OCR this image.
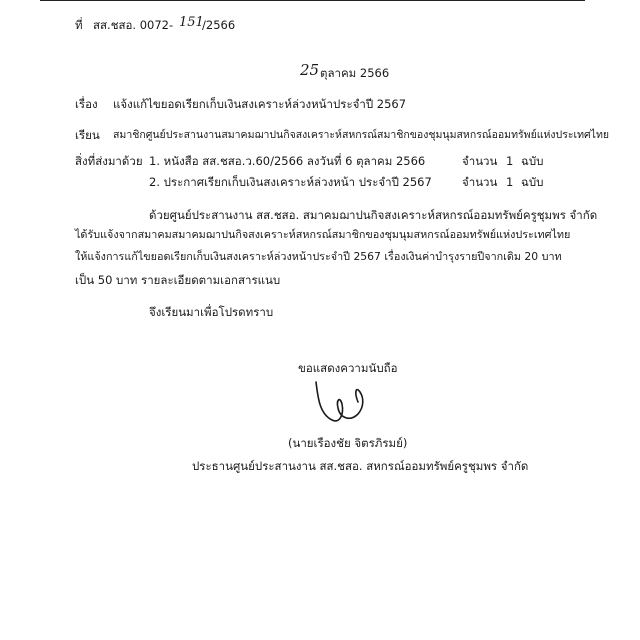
ที่ สส.ชสอ. 0072- 151
/2566
25 ตุลาคม 2566
เรื่อง แจ้งแก้ไขยอดเรียกเก็บเงินสงเคราะห์ล่วงหน้าประจำปี 2567
เรียน สมาชิกศูนย์ประสานงานสมาคมฌาปนกิจสงเคราะห์สหกรณ์สมาชิกของชุมนุมสหกรณ์ออมทรัพย์แห่งประเทศไทย
สิ่งที่ส่งมาด้วย 1. หนังสือ สส.ชสอ.ว.60/2566 ลงวันที่ 6 ตุลาคม 2566	จำนวน 1 ฉบับ
2. ประกาศเรียกเก็บเงินสงเคราะห์ล่วงหน้า ประจำปี 2567	จำนวน 1 ฉบับ
ด้วยศูนย์ประสานงาน สส.ชสอ. สมาคมฌาปนกิจสงเคราะห์สหกรณ์ออมทรัพย์ครูชุมพร จำกัด
ได้รับแจ้งจากสมาคมสมาคมฌาปนกิจสงเคราะห์สหกรณ์สมาชิกของชุมนุมสหกรณ์ออมทรัพย์แห่งประเทศไทย
ให้แจ้งการแก้ไขยอดเรียกเก็บเงินสงเคราะห์ล่วงหน้าประจำปี 2567 เรื่องเงินค่าบำรุงรายปีจากเดิม 20 บาท
เป็น 50 บาท รายละเอียดตามเอกสารแนบ
จึงเรียนมาเพื่อโปรดทราบ
ขอแสดงความนับถือ
(นายเรืองชัย จิตรภิรมย์)
ประธานศูนย์ประสานงาน สส.ชสอ. สหกรณ์ออมทรัพย์ครูชุมพร จำกัด
